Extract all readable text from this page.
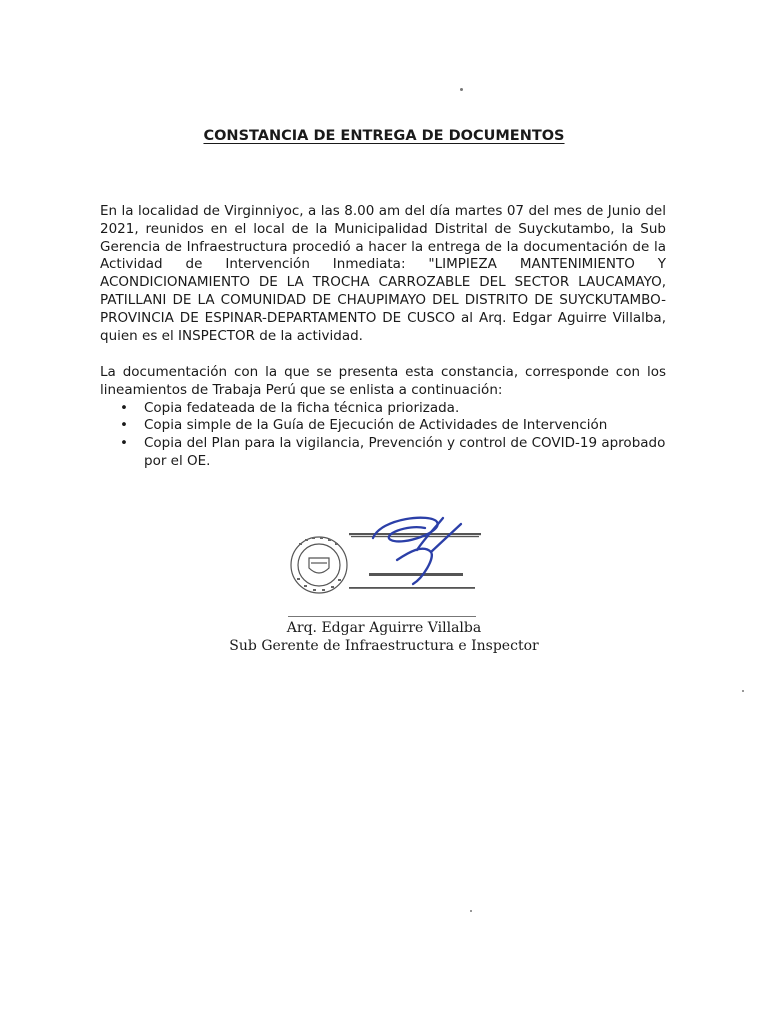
CONSTANCIA DE ENTREGA DE DOCUMENTOS

En la localidad de Virginniyoc, a las 8.00 am del día martes 07 del mes de Junio del 2021, reunidos en el local de la Municipalidad Distrital de Suyckutambo, la Sub Gerencia de Infraestructura procedió a hacer la entrega de la documentación de la Actividad de Intervención Inmediata: "LIMPIEZA MANTENIMIENTO Y ACONDICIONAMIENTO DE LA TROCHA CARROZABLE DEL SECTOR LAUCAMAYO, PATILLANI DE LA COMUNIDAD DE CHAUPIMAYO DEL DISTRITO DE SUYCKUTAMBO- PROVINCIA DE ESPINAR-DEPARTAMENTO DE CUSCO al Arq. Edgar Aguirre Villalba, quien es el INSPECTOR de la actividad.

La documentación con la que se presenta esta constancia, corresponde con los lineamientos de Trabaja Perú que se enlista a continuación:

• Copia fedateada de la ficha técnica priorizada.
• Copia simple de la Guía de Ejecución de Actividades de Intervención
• Copia del Plan para la vigilancia, Prevención y control de COVID-19 aprobado por el OE.
Arq. Edgar Aguirre Villalba
Sub Gerente de Infraestructura e Inspector
